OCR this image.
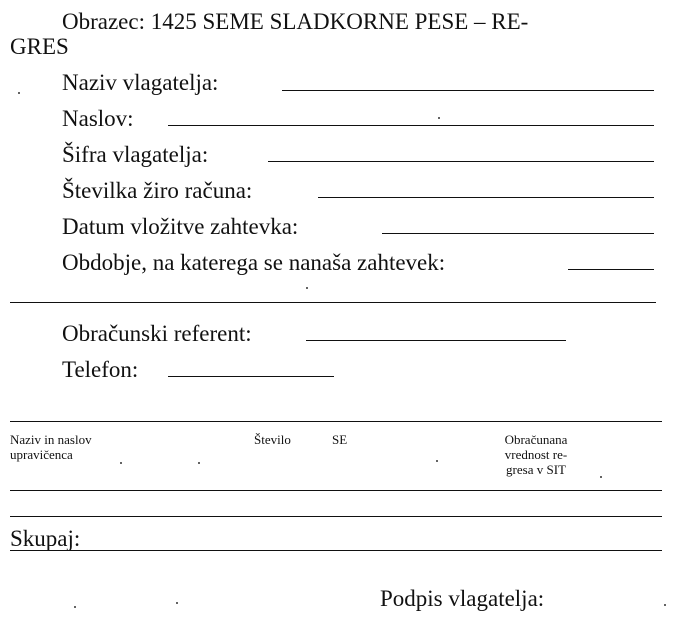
Obrazec: 1425 SEME SLADKORNE PESE – RE-
GRES
Naziv vlagatelja:
Naslov:
Šifra vlagatelja:
Številka žiro računa:
Datum vložitve zahtevka:
Obdobje, na katerega se nanaša zahtevek:
Obračunski referent:
Telefon:
Naziv in naslov
upravičenca
Število	SE	Obračunana
vrednost re-
gresa v SIT
Skupaj:
Podpis vlagatelja:
